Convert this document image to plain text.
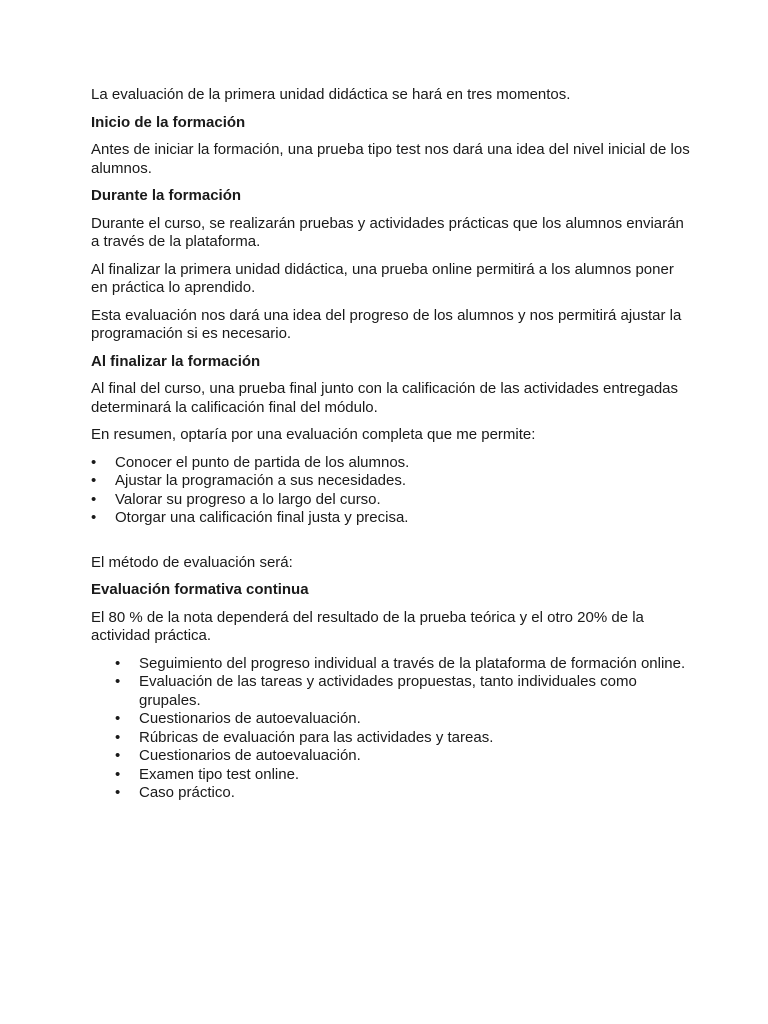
La evaluación de la primera unidad didáctica se hará en tres momentos.

Inicio de la formación

Antes de iniciar la formación, una prueba tipo test nos dará una idea del nivel inicial de los alumnos.

Durante la formación

Durante el curso, se realizarán pruebas y actividades prácticas que los alumnos enviarán a través de la plataforma.

Al finalizar la primera unidad didáctica, una prueba online permitirá a los alumnos poner en práctica lo aprendido.

Esta evaluación nos dará una idea del progreso de los alumnos y nos permitirá ajustar la programación si es necesario.

Al finalizar la formación

Al final del curso, una prueba final junto con la calificación de las actividades entregadas determinará la calificación final del módulo.

En resumen, optaría por una evaluación completa que me permite:

• Conocer el punto de partida de los alumnos.
• Ajustar la programación a sus necesidades.
• Valorar su progreso a lo largo del curso.
• Otorgar una calificación final justa y precisa.

El método de evaluación será:

Evaluación formativa continua

El 80 % de la nota dependerá del resultado de la prueba teórica y el otro 20% de la actividad práctica.

• Seguimiento del progreso individual a través de la plataforma de formación online.
• Evaluación de las tareas y actividades propuestas, tanto individuales como grupales.
• Cuestionarios de autoevaluación.
• Rúbricas de evaluación para las actividades y tareas.
• Cuestionarios de autoevaluación.
• Examen tipo test online.
• Caso práctico.
